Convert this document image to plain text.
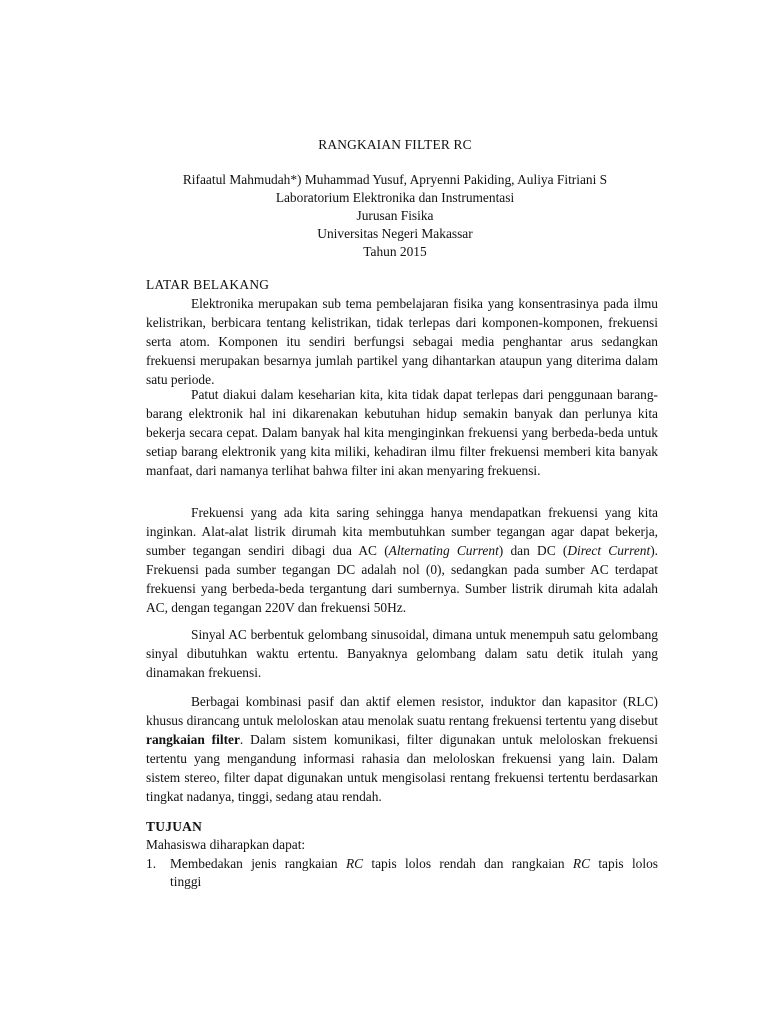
RANGKAIAN FILTER RC
Rifaatul Mahmudah*) Muhammad Yusuf, Apryenni Pakiding, Auliya Fitriani S
Laboratorium Elektronika dan Instrumentasi
Jurusan Fisika
Universitas Negeri Makassar
Tahun 2015
LATAR BELAKANG

Elektronika merupakan sub tema pembelajaran fisika yang konsentrasinya pada ilmu kelistrikan, berbicara tentang kelistrikan, tidak terlepas dari komponen-komponen, frekuensi serta atom. Komponen itu sendiri berfungsi sebagai media penghantar arus sedangkan frekuensi merupakan besarnya jumlah partikel yang dihantarkan ataupun yang diterima dalam satu periode.

Patut diakui dalam keseharian kita, kita tidak dapat terlepas dari penggunaan barang-barang elektronik hal ini dikarenakan kebutuhan hidup semakin banyak dan perlunya kita bekerja secara cepat. Dalam banyak hal kita menginginkan frekuensi yang berbeda-beda untuk setiap barang elektronik yang kita miliki, kehadiran ilmu filter frekuensi memberi kita banyak manfaat, dari namanya terlihat bahwa filter ini akan menyaring frekuensi.

Frekuensi yang ada kita saring sehingga hanya mendapatkan frekuensi yang kita inginkan. Alat-alat listrik dirumah kita membutuhkan sumber tegangan agar dapat bekerja, sumber tegangan sendiri dibagi dua AC (Alternating Current) dan DC (Direct Current). Frekuensi pada sumber tegangan DC adalah nol (0), sedangkan pada sumber AC terdapat frekuensi yang berbeda-beda tergantung dari sumbernya. Sumber listrik dirumah kita adalah AC, dengan tegangan 220V dan frekuensi 50Hz.

Sinyal AC berbentuk gelombang sinusoidal, dimana untuk menempuh satu gelombang sinyal dibutuhkan waktu ertentu. Banyaknya gelombang dalam satu detik itulah yang dinamakan frekuensi.

Berbagai kombinasi pasif dan aktif elemen resistor, induktor dan kapasitor (RLC) khusus dirancang untuk meloloskan atau menolak suatu rentang frekuensi tertentu yang disebut rangkaian filter. Dalam sistem komunikasi, filter digunakan untuk meloloskan frekuensi tertentu yang mengandung informasi rahasia dan meloloskan frekuensi yang lain. Dalam sistem stereo, filter dapat digunakan untuk mengisolasi rentang frekuensi tertentu berdasarkan tingkat nadanya, tinggi, sedang atau rendah.

TUJUAN
Mahasiswa diharapkan dapat:
1.	Membedakan jenis rangkaian RC tapis lolos rendah dan rangkaian RC tapis lolos
tinggi
